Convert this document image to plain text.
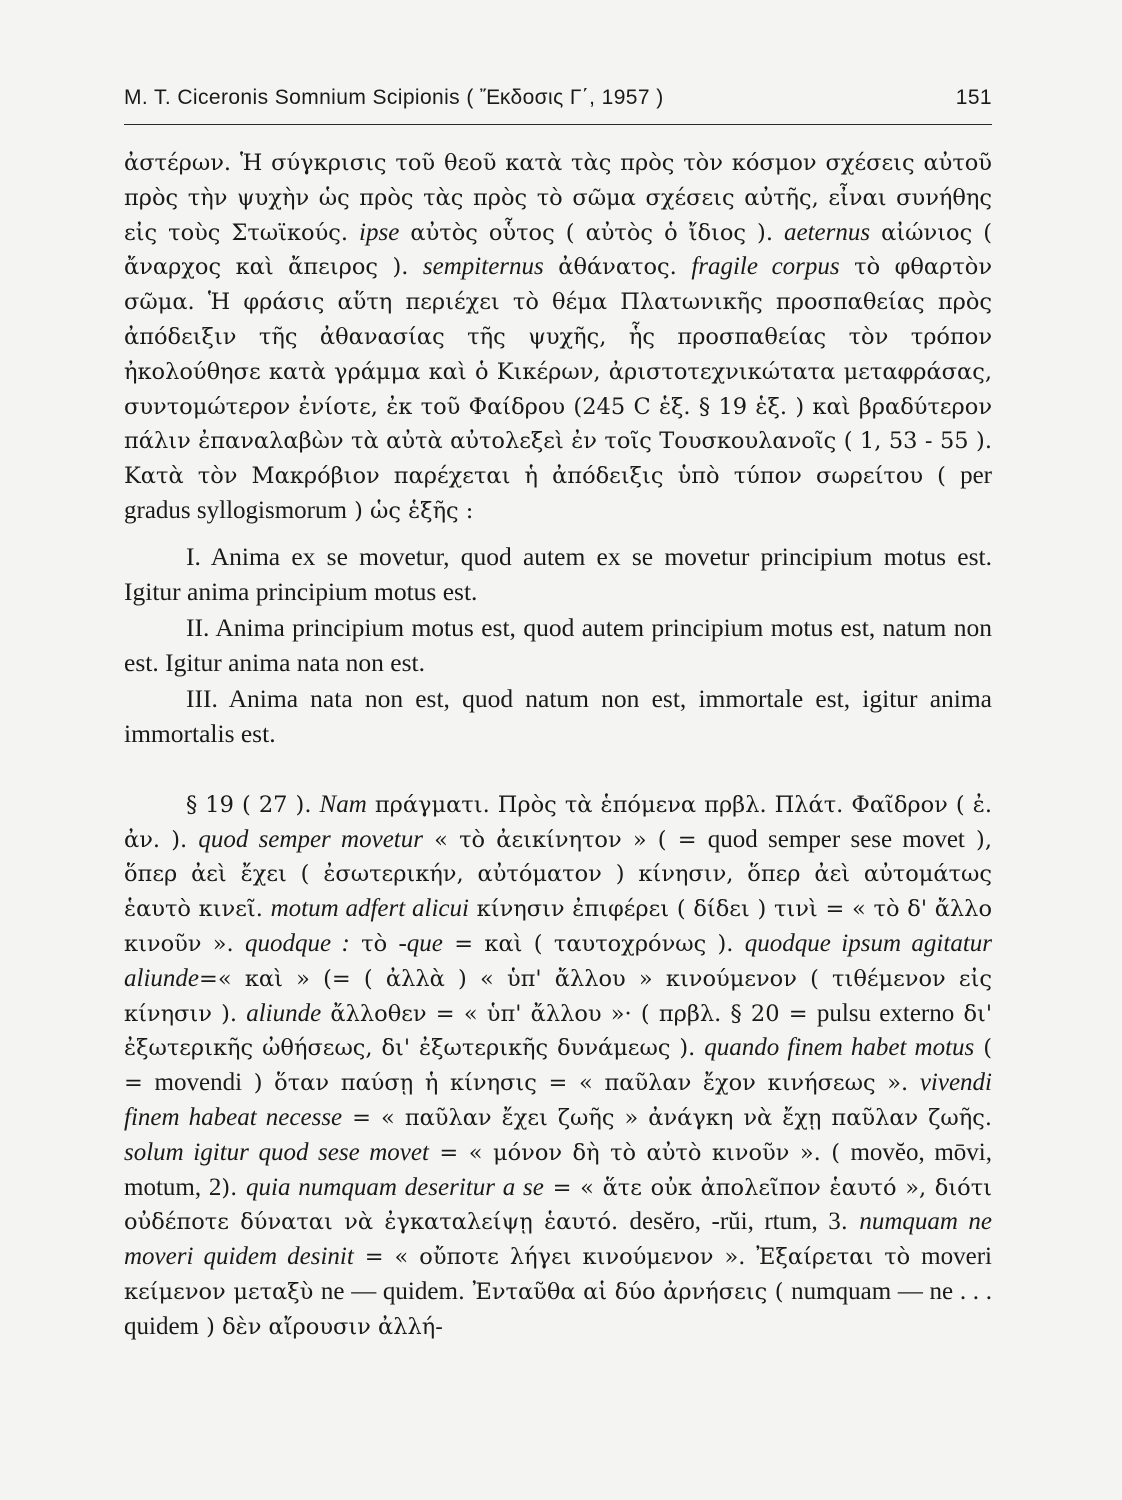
M. T. Ciceronis Somnium Scipionis ( Ἔκδοσις Γ΄, 1957 )	151

ἀστέρων. Ἡ σύγκρισις τοῦ θεοῦ κατὰ τὰς πρὸς τὸν κόσμον σχέσεις αὐτοῦ πρὸς τὴν ψυχὴν ὡς πρὸς τὰς πρὸς τὸ σῶμα σχέσεις αὐτῆς, εἶναι συνήθης εἰς τοὺς Στωϊκούς. ipse αὐτὸς οὗτος ( αὐτὸς ὁ ἴδιος ). aeternus αἰώνιος ( ἄναρχος καὶ ἄπειρος ). sempiternus ἀθάνατος. fragile corpus τὸ φθαρτὸν σῶμα. Ἡ φράσις αὕτη περιέχει τὸ θέμα Πλατωνικῆς προσπαθείας πρὸς ἀπόδειξιν τῆς ἀθανασίας τῆς ψυχῆς, ἧς προσπαθείας τὸν τρόπον ἠκολούθησε κατὰ γράμμα καὶ ὁ Κικέρων, ἀριστοτεχνικώτατα μεταφράσας, συντομώτερον ἐνίοτε, ἐκ τοῦ Φαίδρου (245 C ἑξ. § 19 ἑξ. ) καὶ βραδύτερον πάλιν ἐπαναλαβὼν τὰ αὐτὰ αὐτολεξεὶ ἐν τοῖς Τουσκουλανοῖς ( 1, 53 - 55 ). Κατὰ τὸν Μακρόβιον παρέχεται ἡ ἀπόδειξις ὑπὸ τύπον σωρείτου ( per gradus syllogismorum ) ὡς ἑξῆς :

I. Anima ex se movetur, quod autem ex se movetur principium motus est. Igitur anima principium motus est.

II. Anima principium motus est, quod autem principium motus est, natum non est. Igitur anima nata non est.

III. Anima nata non est, quod natum non est, immortale est, igitur anima immortalis est.

§ 19 ( 27 ). Nam πράγματι. Πρὸς τὰ ἑπόμενα πρβλ. Πλάτ. Φαῖδρον ( ἐ. ἀν. ). quod semper movetur « τὸ ἀεικίνητον » ( = quod semper sese movet ), ὅπερ ἀεὶ ἔχει ( ἐσωτερικήν, αὐτόματον ) κίνησιν, ὅπερ ἀεὶ αὐτομάτως ἑαυτὸ κινεῖ. motum adfert alicui κίνησιν ἐπιφέρει ( δίδει ) τινὶ = « τὸ δ' ἄλλο κινοῦν ». quodque : τὸ -que = καὶ ( ταυτοχρόνως ). quodque ipsum agitatur aliunde=« καὶ » (= ( ἀλλὰ ) « ὑπ' ἄλλου » κινούμενον ( τιθέμενον εἰς κίνησιν ). aliunde ἄλλοθεν = « ὑπ' ἄλλου »· ( πρβλ. § 20 = pulsu externo δι' ἐξωτερικῆς ὠθήσεως, δι' ἐξωτερικῆς δυνάμεως ). quando finem habet motus ( = movendi ) ὅταν παύσῃ ἡ κίνησις = « παῦλαν ἔχον κινήσεως ». vivendi finem habeat necesse = « παῦλαν ἔχει ζωῆς » ἀνάγκη νὰ ἔχῃ παῦλαν ζωῆς. solum igitur quod sese movet = « μόνον δὴ τὸ αὐτὸ κινοῦν ». ( movĕo, mōvi, motum, 2). quia numquam deseritur a se = « ἅτε οὐκ ἀπολεῖπον ἑαυτό », διότι οὐδέποτε δύναται νὰ ἐγκαταλείψῃ ἑαυτό. desĕro, -rŭi, rtum, 3. numquam ne moveri quidem desinit = « οὔποτε λήγει κινούμενον ». Ἐξαίρεται τὸ moveri κείμενον μεταξὺ ne — quidem. Ἐνταῦθα αἱ δύο ἀρνήσεις ( numquam — ne . . . quidem ) δὲν αἴρουσιν ἀλλή-
